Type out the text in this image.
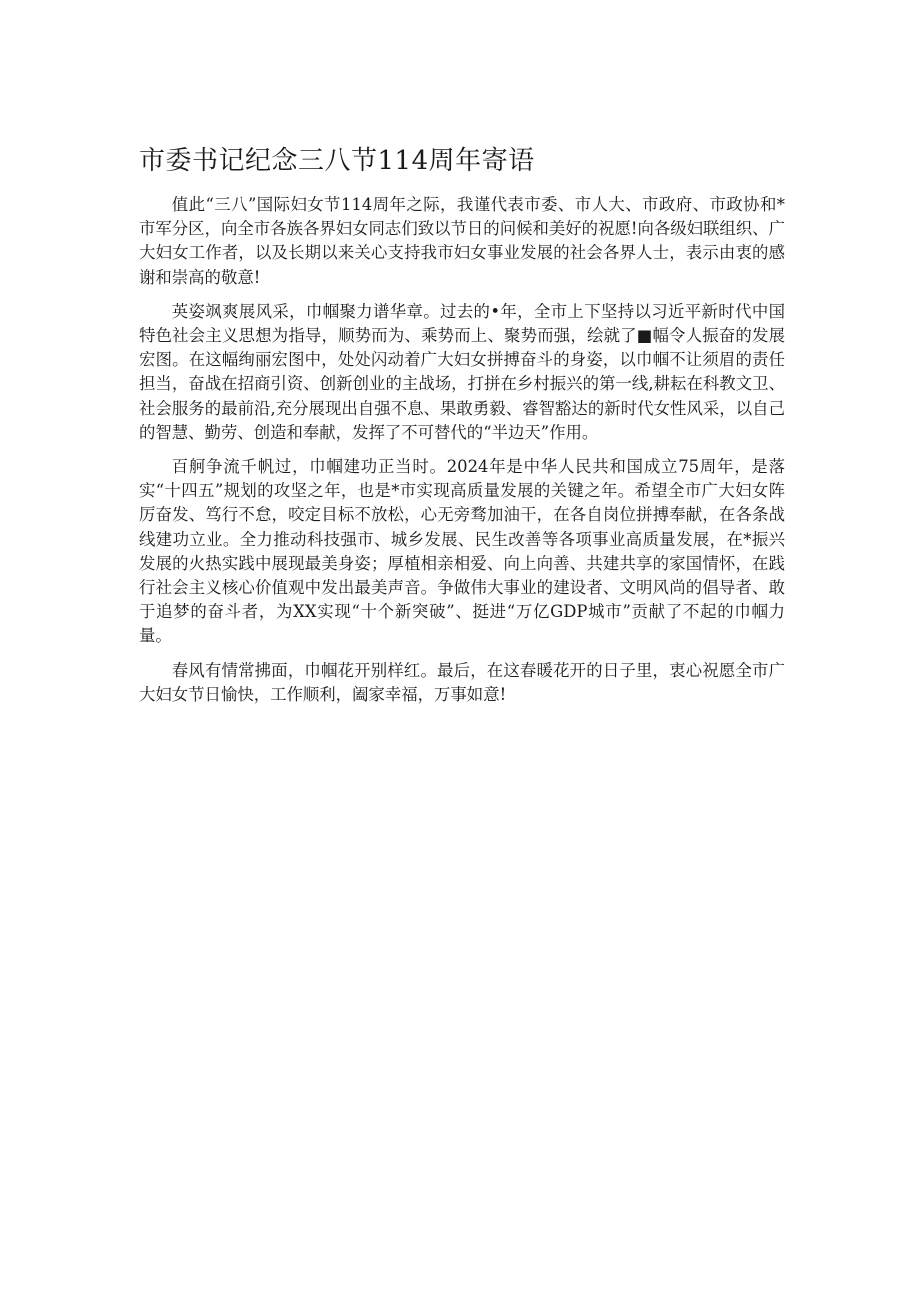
市委书记纪念三八节114周年寄语

值此“三八”国际妇女节114周年之际，我谨代表市委、市人大、市政府、市政协和*市军分区，向全市各族各界妇女同志们致以节日的问候和美好的祝愿!向各级妇联组织、广大妇女工作者，以及长期以来关心支持我市妇女事业发展的社会各界人士，表示由衷的感谢和崇高的敬意!

英姿飒爽展风采，巾帼聚力谱华章。过去的•年，全市上下坚持以习近平新时代中国特色社会主义思想为指导，顺势而为、乘势而上、聚势而强，绘就了■幅令人振奋的发展宏图。在这幅绚丽宏图中，处处闪动着广大妇女拼搏奋斗的身姿，以巾帼不让须眉的责任担当，奋战在招商引资、创新创业的主战场，打拼在乡村振兴的第一线,耕耘在科教文卫、社会服务的最前沿,充分展现出自强不息、果敢勇毅、睿智豁达的新时代女性风采，以自己的智慧、勤劳、创造和奉献，发挥了不可替代的“半边天”作用。

百舸争流千帆过，巾帼建功正当时。2024年是中华人民共和国成立75周年，是落实“十四五”规划的攻坚之年，也是*市实现高质量发展的关键之年。希望全市广大妇女阵厉奋发、笃行不怠，咬定目标不放松，心无旁骛加油干，在各自岗位拼搏奉献，在各条战线建功立业。全力推动科技强市、城乡发展、民生改善等各项事业高质量发展，在*振兴发展的火热实践中展现最美身姿；厚植相亲相爱、向上向善、共建共享的家国情怀，在践行社会主义核心价值观中发出最美声音。争做伟大事业的建设者、文明风尚的倡导者、敢于追梦的奋斗者，为XX实现“十个新突破”、挺进“万亿GDP城市”贡献了不起的巾帼力量。

春风有情常拂面，巾帼花开别样红。最后，在这春暖花开的日子里，衷心祝愿全市广大妇女节日愉快，工作顺利，阖家幸福，万事如意!
